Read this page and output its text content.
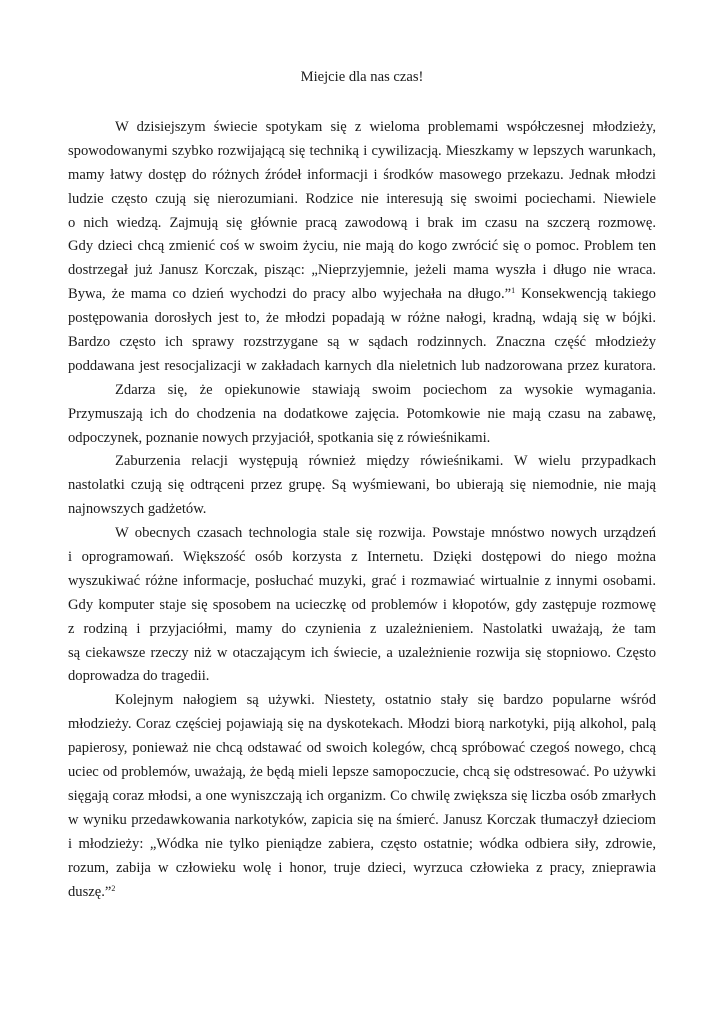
Miejcie dla nas czas!
W dzisiejszym świecie spotykam się z wieloma problemami współczesnej młodzieży,
spowodowanymi szybko rozwijającą się techniką i cywilizacją. Mieszkamy w lepszych warunkach,
mamy łatwy dostęp do różnych źródeł informacji i środków masowego przekazu. Jednak młodzi
ludzie często czują się nierozumiani. Rodzice nie interesują się swoimi pociechami. Niewiele
o nich wiedzą. Zajmują się głównie pracą zawodową i brak im czasu na szczerą rozmowę.
Gdy dzieci chcą zmienić coś w swoim życiu, nie mają do kogo zwrócić się o pomoc. Problem ten
dostrzegał już Janusz Korczak, pisząc: „Nieprzyjemnie, jeżeli mama wyszła i długo nie wraca.
Bywa, że mama co dzień wychodzi do pracy albo wyjechała na długo.”$^1$ Konsekwencją takiego
postępowania dorosłych jest to, że młodzi popadają w różne nałogi, kradną, wdają się w bójki.
Bardzo często ich sprawy rozstrzygane są w sądach rodzinnych. Znaczna część młodzieży
poddawana jest resocjalizacji w zakładach karnych dla nieletnich lub nadzorowana przez kuratora.
Zdarza się, że opiekunowie stawiają swoim pociechom za wysokie wymagania.
Przymuszają ich do chodzenia na dodatkowe zajęcia. Potomkowie nie mają czasu na zabawę,
odpoczynek, poznanie nowych przyjaciół, spotkania się z rówieśnikami.
Zaburzenia relacji występują również między rówieśnikami. W wielu przypadkach
nastolatki czują się odtrąceni przez grupę. Są wyśmiewani, bo ubierają się niemodnie, nie mają
najnowszych gadżetów.
W obecnych czasach technologia stale się rozwija. Powstaje mnóstwo nowych urządzeń
i oprogramowań. Większość osób korzysta z Internetu. Dzięki dostępowi do niego można
wyszukiwać różne informacje, posłuchać muzyki, grać i rozmawiać wirtualnie z innymi osobami.
Gdy komputer staje się sposobem na ucieczkę od problemów i kłopotów, gdy zastępuje rozmowę
z rodziną i przyjaciółmi, mamy do czynienia z uzależnieniem. Nastolatki uważają, że tam
są ciekawsze rzeczy niż w otaczającym ich świecie, a uzależnienie rozwija się stopniowo. Często
doprowadza do tragedii.
Kolejnym nałogiem są używki. Niestety, ostatnio stały się bardzo popularne wśród
młodzieży. Coraz częściej pojawiają się na dyskotekach. Młodzi biorą narkotyki, piją alkohol, palą
papierosy, ponieważ nie chcą odstawać od swoich kolegów, chcą spróbować czegoś nowego, chcą
uciec od problemów, uważają, że będą mieli lepsze samopoczucie, chcą się odstresować. Po używki
sięgają coraz młodsi, a one wyniszczają ich organizm. Co chwilę zwiększa się liczba osób zmarłych
w wyniku przedawkowania narkotyków, zapicia się na śmierć. Janusz Korczak tłumaczył dzieciom
i młodzieży: „Wódka nie tylko pieniądze zabiera, często ostatnie; wódka odbiera siły, zdrowie,
rozum, zabija w człowieku wolę i honor, truje dzieci, wyrzuca człowieka z pracy, znieprawia
duszę.”$^2$
